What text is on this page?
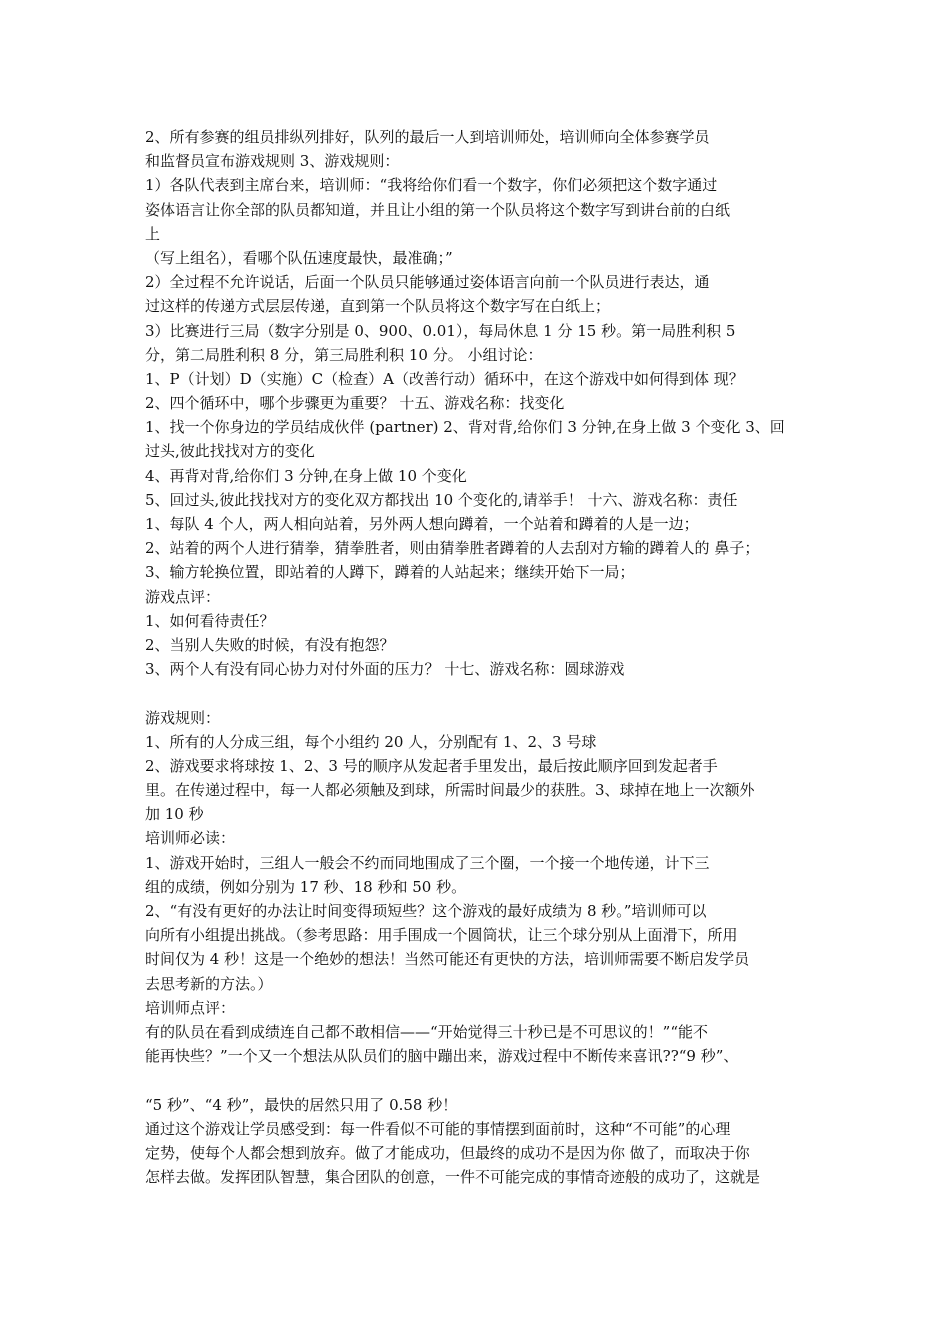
2、所有参赛的组员排纵列排好，队列的最后一人到培训师处，培训师向全体参赛学员
和监督员宣布游戏规则 3、游戏规则：
1）各队代表到主席台来，培训师：“我将给你们看一个数字，你们必须把这个数字通过
姿体语言让你全部的队员都知道，并且让小组的第一个队员将这个数字写到讲台前的白纸
上
（写上组名），看哪个队伍速度最快，最准确；”
2）全过程不允许说话，后面一个队员只能够通过姿体语言向前一个队员进行表达，通
过这样的传递方式层层传递，直到第一个队员将这个数字写在白纸上；
3）比赛进行三局（数字分别是 0、900、0.01），每局休息 1 分 15 秒。第一局胜利积 5
分，第二局胜利积 8 分，第三局胜利积 10 分。 小组讨论：
1、P（计划）D（实施）C（检查）A（改善行动）循环中，在这个游戏中如何得到体 现？
2、四个循环中，哪个步骤更为重要？ 十五、游戏名称：找变化
1、找一个你身边的学员结成伙伴 (partner) 2、背对背,给你们 3 分钟,在身上做 3 个变化 3、回
过头,彼此找找对方的变化
4、再背对背,给你们 3 分钟,在身上做 10 个变化
5、回过头,彼此找找对方的变化双方都找出 10 个变化的,请举手！ 十六、游戏名称：责任
1、每队 4 个人，两人相向站着，另外两人想向蹲着，一个站着和蹲着的人是一边；
2、站着的两个人进行猜拳，猜拳胜者，则由猜拳胜者蹲着的人去刮对方输的蹲着人的 鼻子；
3、输方轮换位置，即站着的人蹲下，蹲着的人站起来；继续开始下一局；
游戏点评：
1、如何看待责任？
2、当别人失败的时候，有没有抱怨？
3、两个人有没有同心协力对付外面的压力？ 十七、游戏名称：圆球游戏
游戏规则：
1、所有的人分成三组，每个小组约 20 人，分别配有 1、2、3 号球
2、游戏要求将球按 1、2、3 号的顺序从发起者手里发出，最后按此顺序回到发起者手
里。在传递过程中，每一人都必须触及到球，所需时间最少的获胜。3、球掉在地上一次额外
加 10 秒
培训师必读：
1、游戏开始时，三组人一般会不约而同地围成了三个圈，一个接一个地传递，计下三
组的成绩，例如分别为 17 秒、18 秒和 50 秒。
2、“有没有更好的办法让时间变得顼短些？这个游戏的最好成绩为 8 秒。”培训师可以
向所有小组提出挑战。（参考思路：用手围成一个圆筒状，让三个球分别从上面滑下，所用
时间仅为 4 秒！这是一个绝妙的想法！当然可能还有更快的方法，培训师需要不断启发学员
去思考新的方法。）
培训师点评：
有的队员在看到成绩连自己都不敢相信——“开始觉得三十秒已是不可思议的！”“能不
能再快些？”一个又一个想法从队员们的脑中蹦出来，游戏过程中不断传来喜讯??“9 秒”、
“5 秒”、“4 秒”，最快的居然只用了 0.58 秒！
通过这个游戏让学员感受到：每一件看似不可能的事情摆到面前时，这种“不可能”的心理
定势，使每个人都会想到放弃。做了才能成功，但最终的成功不是因为你 做了，而取决于你
怎样去做。发挥团队智慧，集合团队的创意，一件不可能完成的事情奇迹般的成功了，这就是
